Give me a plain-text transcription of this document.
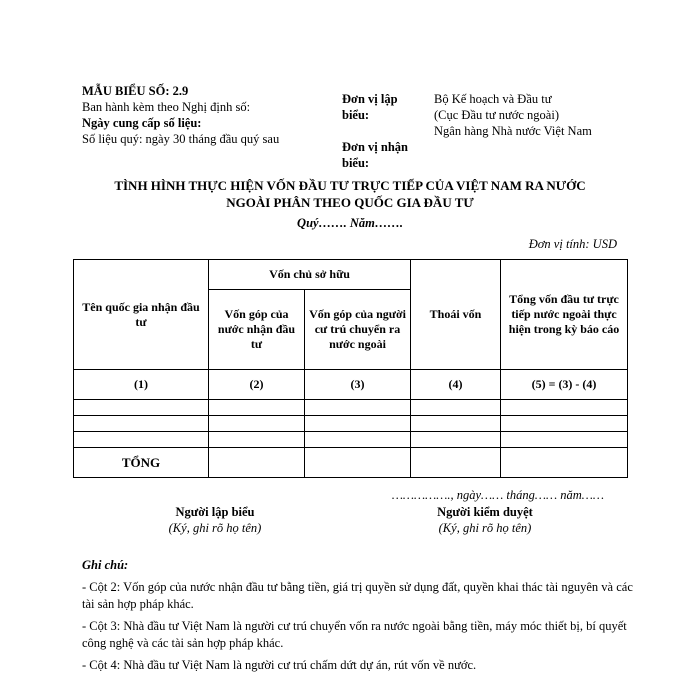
MẪU BIỂU SỐ: 2.9
Ban hành kèm theo Nghị định số:
Ngày cung cấp số liệu:
Số liệu quý: ngày 30 tháng đầu quý sau
Đơn vị lập
biểu:
Đơn vị nhận
biểu:
Bộ Kế hoạch và Đầu tư
(Cục Đầu tư nước ngoài)
Ngân hàng Nhà nước Việt Nam
TÌNH HÌNH THỰC HIỆN VỐN ĐẦU TƯ TRỰC TIẾP CỦA VIỆT NAM RA NƯỚC
NGOÀI PHÂN THEO QUỐC GIA ĐẦU TƯ
Quý……. Năm…….
Đơn vị tính: USD
Tên quốc gia nhận đầu tư	Vốn chủ sở hữu		Thoái vốn	Tổng vốn đầu tư trực tiếp nước ngoài thực hiện trong kỳ báo cáo
	Vốn góp của nước nhận đầu tư	Vốn góp của người cư trú chuyển ra nước ngoài		
(1)	(2)	(3)	(4)	(5) = (3) - (4)

TỔNG				
……………., ngày…… tháng…… năm……
Người lập biểu
(Ký, ghi rõ họ tên)
Người kiểm duyệt
(Ký, ghi rõ họ tên)
Ghi chú:
- Cột 2: Vốn góp của nước nhận đầu tư bằng tiền, giá trị quyền sử dụng đất, quyền khai thác tài nguyên và các tài sản hợp pháp khác.
- Cột 3: Nhà đầu tư Việt Nam là người cư trú chuyển vốn ra nước ngoài bằng tiền, máy móc thiết bị, bí quyết công nghệ và các tài sản hợp pháp khác.
- Cột 4: Nhà đầu tư Việt Nam là người cư trú chấm dứt dự án, rút vốn về nước.
